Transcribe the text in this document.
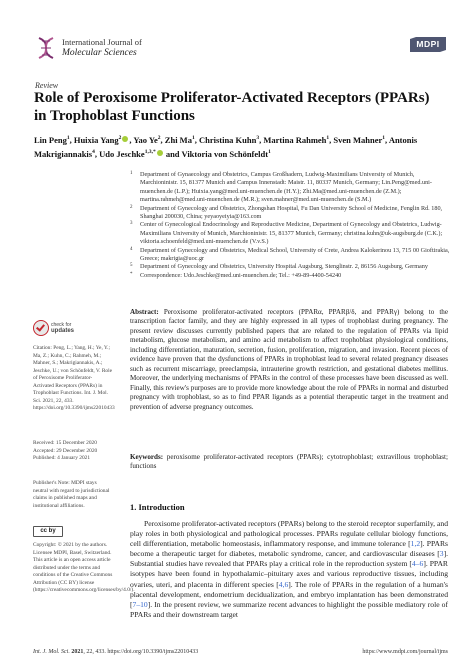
International Journal of
Molecular Sciences
MDPI
Review
Role of Peroxisome Proliferator-Activated Receptors (PPARs) in Trophoblast Functions
Lin Peng$^1$, Huixia Yang$^2$ , Yao Ye$^2$, Zhi Ma$^1$, Christina Kuhn$^3$, Martina Rahmeh$^1$, Sven Mahner$^1$, Antonis Makrigiannakis$^4$, Udo Jeschke$^{1,3,*}$ and Viktoria von Schönfeldt$^1$
1 Department of Gynaecology and Obstetrics, Campus Großhadern, Ludwig-Maximilians University of Munich, Marchioninistr. 15, 81377 Munich and Campus Innenstadt: Maistr. 11, 80337 Munich, Germany; Lin.Peng@med.uni-muenchen.de (L.P.); Huixia.yang@med.uni-muenchen.de (H.Y.); Zhi.Ma@med.uni-muenchen.de (Z.M.); martina.rahmeh@med.uni-muenchen.de (M.R.); sven.mahner@med.uni-muenchen.de (S.M.)
2 Department of Gynecology and Obstetrics, Zhongshan Hospital, Fu Dan University School of Medicine, Fenglin Rd. 180, Shanghai 200030, China; yeyaoyeiyia@163.com
3 Center of Gynecological Endocrinology and Reproductive Medicine, Department of Gynecology and Obstetrics, Ludwig-Maximilians University of Munich, Marchioninistr. 15, 81377 Munich, Germany; christina.kuhn@uk-augsburg.de (C.K.); viktoria.schoenfeld@med.uni-muenchen.de (V.v.S.)
4 Department of Gynecology and Obstetrics, Medical School, University of Crete, Andrea Kalokerinou 13, 715 00 Gioftirakia, Greece; makrigia@uoc.gr
5 Department of Gynecology and Obstetrics, University Hospital Augsburg, Stenglinstr. 2, 86156 Augsburg, Germany
* Correspondence: Udo.Jeschke@med.uni-muenchen.de; Tel.: +49-89-4400-54240
check for
updates
Citation: Peng, L.; Yang, H.; Ye, Y.; Ma, Z.; Kuhn, C.; Rahmeh, M.; Mahner, S.; Makrigiannakis, A.; Jeschke, U.; von Schönfeldt, V. Role of Peroxisome Proliferator-Activated Receptors (PPARs) in Trophoblast Functions. Int. J. Mol. Sci. 2021, 22, 433. https://doi.org/10.3390/ijms22010433
Received: 15 December 2020
Accepted: 29 December 2020
Published: 4 January 2021
Publisher's Note: MDPI stays neutral with regard to jurisdictional claims in published maps and institutional affiliations.
cc by
Copyright: © 2021 by the authors. Licensee MDPI, Basel, Switzerland. This article is an open access article distributed under the terms and conditions of the Creative Commons Attribution (CC BY) license (https://creativecommons.org/licenses/by/4.0/).
Abstract: Peroxisome proliferator-activated receptors (PPARα, PPARβ/δ, and PPARγ) belong to the transcription factor family, and they are highly expressed in all types of trophoblast during pregnancy. The present review discusses currently published papers that are related to the regulation of PPARs via lipid metabolism, glucose metabolism, and amino acid metabolism to affect trophoblast physiological conditions, including differentiation, maturation, secretion, fusion, proliferation, migration, and invasion. Recent pieces of evidence have proven that the dysfunctions of PPARs in trophoblast lead to several related pregnancy diseases such as recurrent miscarriage, preeclampsia, intrauterine growth restriction, and gestational diabetes mellitus. Moreover, the underlying mechanisms of PPARs in the control of these processes have been discussed as well. Finally, this review's purposes are to provide more knowledge about the role of PPARs in normal and disturbed pregnancy with trophoblast, so as to find PPAR ligands as a potential therapeutic target in the treatment and prevention of adverse pregnancy outcomes.
Keywords: peroxisome proliferator-activated receptors (PPARs); cytotrophoblast; extravillous trophoblast; functions
1. Introduction
Peroxisome proliferator-activated receptors (PPARs) belong to the steroid receptor superfamily, and play roles in both physiological and pathological processes. PPARs regulate cellular biology functions, cell differentiation, metabolic homeostasis, inflammatory response, and immune tolerance [1,2]. PPARs become a therapeutic target for diabetes, metabolic syndrome, cancer, and cardiovascular diseases [3]. Substantial studies have revealed that PPARs play a critical role in the reproduction system [4–6]. PPAR isotypes have been found in hypothalamic–pituitary axes and various reproductive tissues, including ovaries, uteri, and placenta in different species [4,6]. The role of PPARs in the regulation of a human's placental development, endometrium decidualization, and embryo implantation has been demonstrated [7–10]. In the present review, we summarize recent advances to highlight the possible mediatory role of PPARs and their downstream target
Int. J. Mol. Sci. 2021, 22, 433. https://doi.org/10.3390/ijms22010433	https://www.mdpi.com/journal/ijms
